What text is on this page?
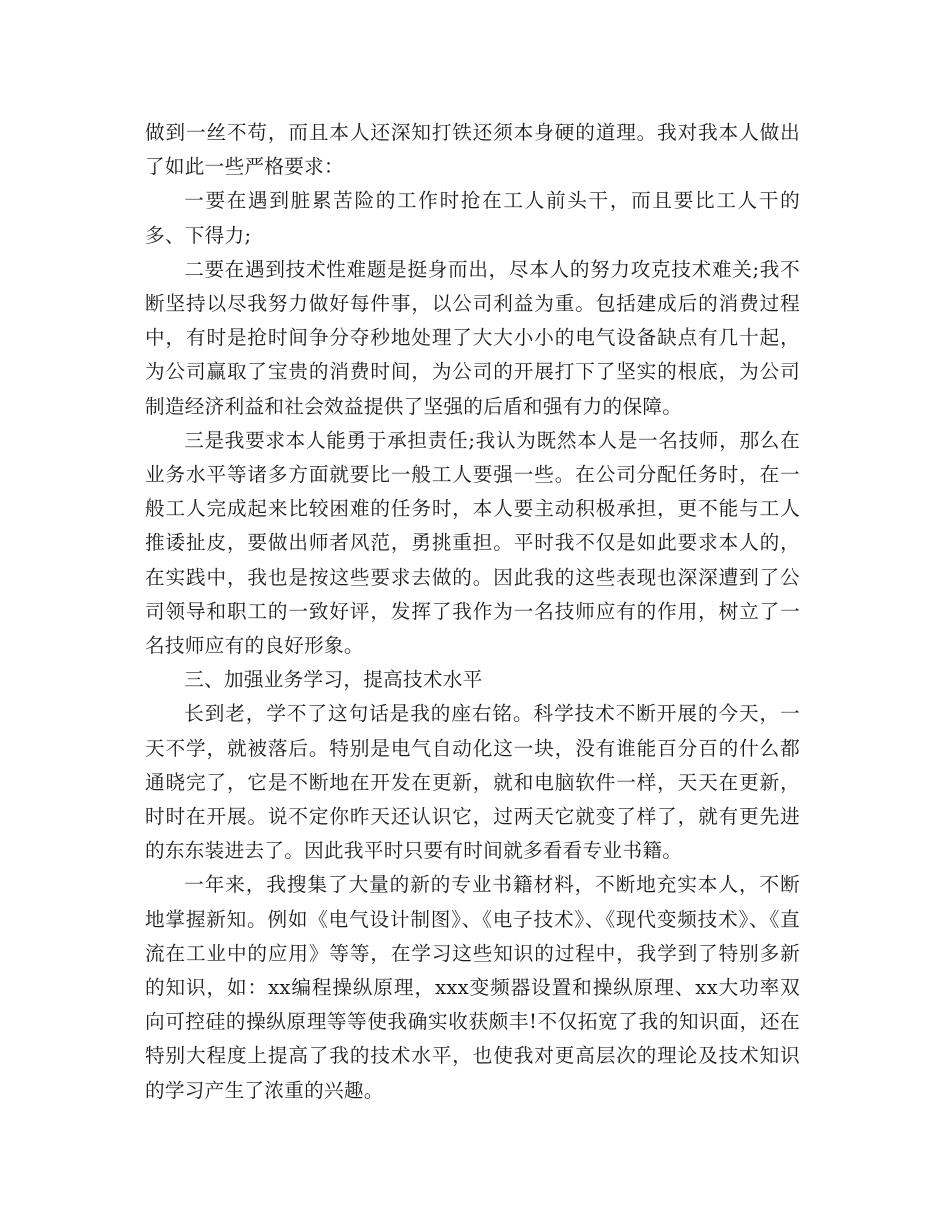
做到一丝不苟，而且本人还深知打铁还须本身硬的道理。我对我本人做出了如此一些严格要求：

一要在遇到脏累苦险的工作时抢在工人前头干，而且要比工人干的多、下得力;

二要在遇到技术性难题是挺身而出，尽本人的努力攻克技术难关;我不断坚持以尽我努力做好每件事，以公司利益为重。包括建成后的消费过程中，有时是抢时间争分夺秒地处理了大大小小的电气设备缺点有几十起，为公司赢取了宝贵的消费时间，为公司的开展打下了坚实的根底，为公司制造经济利益和社会效益提供了坚强的后盾和强有力的保障。

三是我要求本人能勇于承担责任;我认为既然本人是一名技师，那么在业务水平等诸多方面就要比一般工人要强一些。在公司分配任务时，在一般工人完成起来比较困难的任务时，本人要主动积极承担，更不能与工人推诿扯皮，要做出师者风范，勇挑重担。平时我不仅是如此要求本人的，在实践中，我也是按这些要求去做的。因此我的这些表现也深深遭到了公司领导和职工的一致好评，发挥了我作为一名技师应有的作用，树立了一名技师应有的良好形象。

三、加强业务学习，提高技术水平

长到老，学不了这句话是我的座右铭。科学技术不断开展的今天，一天不学，就被落后。特别是电气自动化这一块，没有谁能百分百的什么都通晓完了，它是不断地在开发在更新，就和电脑软件一样，天天在更新，时时在开展。说不定你昨天还认识它，过两天它就变了样了，就有更先进的东东装进去了。因此我平时只要有时间就多看看专业书籍。

一年来，我搜集了大量的新的专业书籍材料，不断地充实本人，不断地掌握新知。例如《电气设计制图》、《电子技术》、《现代变频技术》、《直流在工业中的应用》等等，在学习这些知识的过程中，我学到了特别多新的知识，如：xx编程操纵原理，xxx变频器设置和操纵原理、xx大功率双向可控硅的操纵原理等等使我确实收获颇丰!不仅拓宽了我的知识面，还在特别大程度上提高了我的技术水平，也使我对更高层次的理论及技术知识的学习产生了浓重的兴趣。
